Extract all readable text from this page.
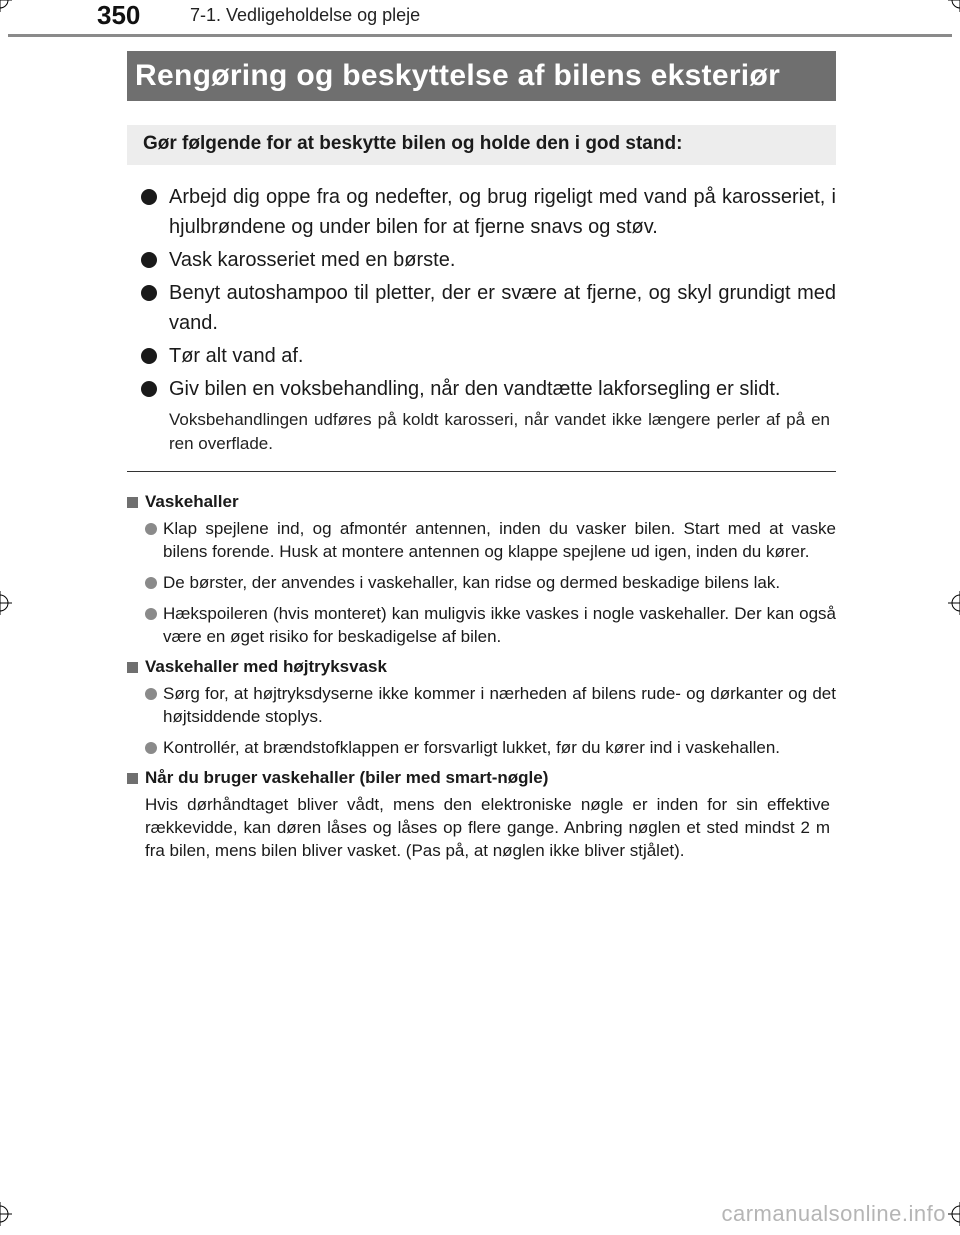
350	7-1. Vedligeholdelse og pleje
Rengøring og beskyttelse af bilens eksteriør
Gør følgende for at beskytte bilen og holde den i god stand:
Arbejd dig oppe fra og nedefter, og brug rigeligt med vand på karosseriet, i hjulbrøndene og under bilen for at fjerne snavs og støv.
Vask karosseriet med en børste.
Benyt autoshampoo til pletter, der er svære at fjerne, og skyl grundigt med vand.
Tør alt vand af.
Giv bilen en voksbehandling, når den vandtætte lakforsegling er slidt.
Voksbehandlingen udføres på koldt karosseri, når vandet ikke længere perler af på en ren overflade.
Vaskehaller
Klap spejlene ind, og afmontér antennen, inden du vasker bilen. Start med at vaske bilens forende. Husk at montere antennen og klappe spejlene ud igen, inden du kører.
De børster, der anvendes i vaskehaller, kan ridse og dermed beskadige bilens lak.
Hækspoileren (hvis monteret) kan muligvis ikke vaskes i nogle vaskehaller. Der kan også være en øget risiko for beskadigelse af bilen.
Vaskehaller med højtryksvask
Sørg for, at højtryksdyserne ikke kommer i nærheden af bilens rude- og dørkanter og det højtsiddende stoplys.
Kontrollér, at brændstofklappen er forsvarligt lukket, før du kører ind i vaskehallen.
Når du bruger vaskehaller (biler med smart-nøgle)
Hvis dørhåndtaget bliver vådt, mens den elektroniske nøgle er inden for sin effektive rækkevidde, kan døren låses og låses op flere gange. Anbring nøglen et sted mindst 2 m fra bilen, mens bilen bliver vasket. (Pas på, at nøglen ikke bliver stjålet).
carmanualsonline.info
